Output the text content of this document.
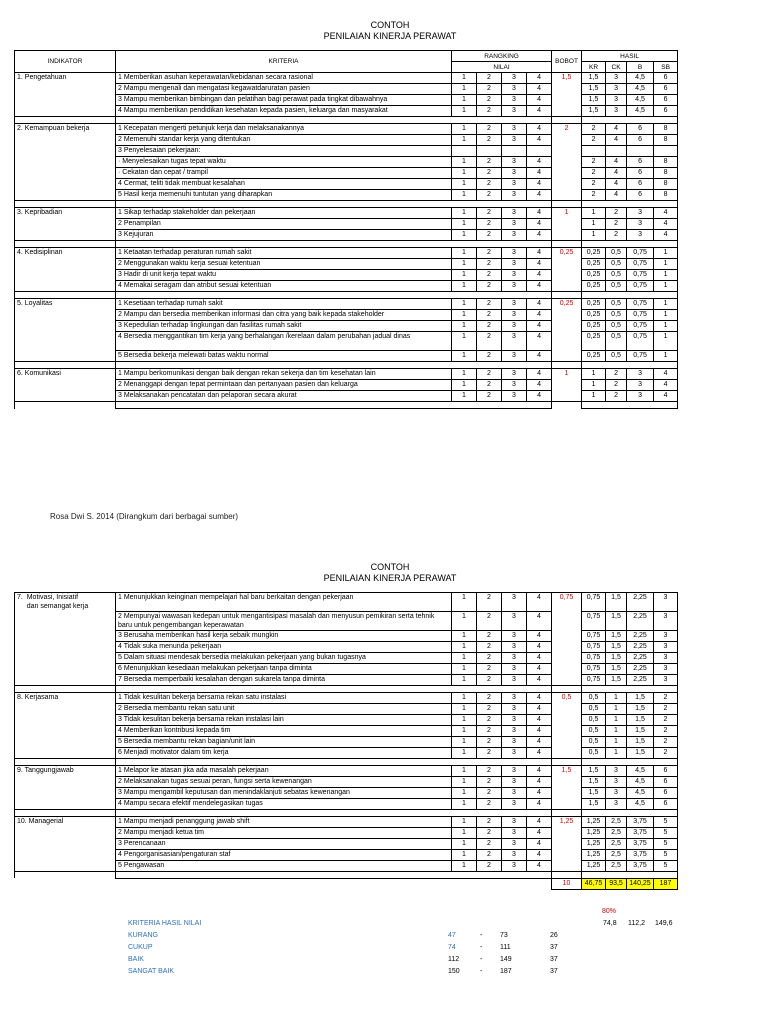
CONTOH
PENILAIAN KINERJA PERAWAT
INDIKATOR	KRITERIA	RANGKING				BOBOT	HASIL			
		NILAI					KR	CK	B	SB
1. Pengetahuan	1 Memberikan asuhan keperawatan/kebidanan secara rasional	1	2	3	4	1,5	1,5	3	4,5	6
	2 Mampu mengenali dan mengatasi kegawatdaruratan pasien	1	2	3	4		1,5	3	4,5	6
	3 Mampu memberikan bimbingan dan pelatihan bagi perawat pada tingkat dibawahnya	1	2	3	4		1,5	3	4,5	6
	4 Mampu memberikan pendidikan kesehatan kepada pasien, keluarga dan masyarakat	1	2	3	4		1,5	3	4,5	6

2. Kemampuan bekerja	1 Kecepatan mengerti petunjuk kerja dan melaksanakannya	1	2	3	4	2	2	4	6	8
	2 Memenuhi standar kerja yang ditentukan	1	2	3	4		2	4	6	8
	3 Penyelesaian pekerjaan:									
	· Menyelesaikan tugas tepat waktu	1	2	3	4		2	4	6	8
	· Cekatan dan cepat / trampil	1	2	3	4		2	4	6	8
	4 Cermat, teliti tidak membuat kesalahan	1	2	3	4		2	4	6	8
	5 Hasil kerja memenuhi tuntutan yang diharapkan	1	2	3	4		2	4	6	8

3. Kepribadian	1 Sikap terhadap stakeholder dan pekerjaan	1	2	3	4	1	1	2	3	4
	2 Penampilan	1	2	3	4		1	2	3	4
	3 Kejujuran	1	2	3	4		1	2	3	4

4. Kedisiplinan	1 Ketaatan terhadap peraturan rumah sakit	1	2	3	4	0,25	0,25	0,5	0,75	1
	2 Menggunakan waktu kerja sesuai ketentuan	1	2	3	4		0,25	0,5	0,75	1
	3 Hadir di unit kerja tepat waktu	1	2	3	4		0,25	0,5	0,75	1
	4 Memakai seragam dan atribut sesuai ketentuan	1	2	3	4		0,25	0,5	0,75	1

5. Loyalitas	1 Kesetiaan terhadap rumah sakit	1	2	3	4	0,25	0,25	0,5	0,75	1
	2 Mampu dan bersedia memberikan informasi dan citra yang baik kepada stakeholder	1	2	3	4		0,25	0,5	0,75	1
	3 Kepedulian terhadap lingkungan dan fasilitas rumah sakit	1	2	3	4		0,25	0,5	0,75	1
	4 Bersedia menggantikan tim kerja yang berhalangan /kerelaan dalam perubahan jadual dinas	1	2	3	4		0,25	0,5	0,75	1
	5 Bersedia bekerja melewati batas waktu normal	1	2	3	4		0,25	0,5	0,75	1

6. Komunikasi	1 Mampu berkomunikasi dengan baik dengan rekan sekerja dan tim kesehatan lain	1	2	3	4	1	1	2	3	4
	2 Menanggapi dengan tepat permintaan dan pertanyaan pasien dan keluarga	1	2	3	4		1	2	3	4
	3 Melaksanakan pencatatan dan pelaporan secara akurat	1	2	3	4		1	2	3	4

Rosa Dwi S. 2014 (Dirangkum dari berbagai sumber)
CONTOH
PENILAIAN KINERJA PERAWAT
7.  Motivasi, Inisiatif
dan semangat kerja	1 Menunjukkan keinginan mempelajari hal baru berkaitan dengan pekerjaan	1	2	3	4	0,75	0,75	1,5	2,25	3
	2 Mempunyai wawasan kedepan untuk mengantisipasi masalah dan menyusun pemikiran serta tehnik baru untuk pengembangan keperawatan	1	2	3	4		0,75	1,5	2,25	3
	3 Berusaha memberikan hasil kerja sebaik mungkin	1	2	3	4		0,75	1,5	2,25	3
	4 Tidak suka menunda pekerjaan	1	2	3	4		0,75	1,5	2,25	3
	5 Dalam situasi mendesak bersedia melakukan pekerjaan yang bukan tugasnya	1	2	3	4		0,75	1,5	2,25	3
	6 Menunjukkan kesediaan melakukan pekerjaan tanpa diminta	1	2	3	4		0,75	1,5	2,25	3
	7 Bersedia memperbaiki kesalahan dengan sukarela tanpa diminta	1	2	3	4		0,75	1,5	2,25	3

8. Kerjasama	1 Tidak kesulitan bekerja bersama rekan satu instalasi	1	2	3	4	0,5	0,5	1	1,5	2
	2 Bersedia membantu rekan satu unit	1	2	3	4		0,5	1	1,5	2
	3 Tidak kesulitan bekerja bersama rekan instalasi lain	1	2	3	4		0,5	1	1,5	2
	4 Memberikan kontribusi kepada tim	1	2	3	4		0,5	1	1,5	2
	5 Bersedia membantu rekan bagian/unit lain	1	2	3	4		0,5	1	1,5	2
	6 Menjadi motivator dalam tim kerja	1	2	3	4		0,5	1	1,5	2

9. Tanggungjawab	1 Melapor ke atasan jika ada masalah pekerjaan	1	2	3	4	1,5	1,5	3	4,5	6
	2 Melaksanakan tugas sesuai peran, fungsi serta kewenangan	1	2	3	4		1,5	3	4,5	6
	3 Mampu mengambil keputusan dan menindaklanjuti sebatas kewenangan	1	2	3	4		1,5	3	4,5	6
	4 Mampu secara efektif mendelegasikan tugas	1	2	3	4		1,5	3	4,5	6

10. Managerial	1 Mampu menjadi penanggung jawab shift	1	2	3	4	1,25	1,25	2,5	3,75	5
	2 Mampu menjadi ketua tim	1	2	3	4		1,25	2,5	3,75	5
	3 Perencanaan	1	2	3	4		1,25	2,5	3,75	5
	4 Pengorganisasian/pengaturan staf	1	2	3	4		1,25	2,5	3,75	5
	5 Pengawasan	1	2	3	4		1,25	2,5	3,75	5

						10	46,75	93,5	140,25	187
80%
74,8 112,2 149,6
KRITERIA HASIL NILAI
KURANG	47	-	73	26
CUKUP	74	-	111	37
BAIK	112	-	149	37
SANGAT BAIK	150	-	187	37
